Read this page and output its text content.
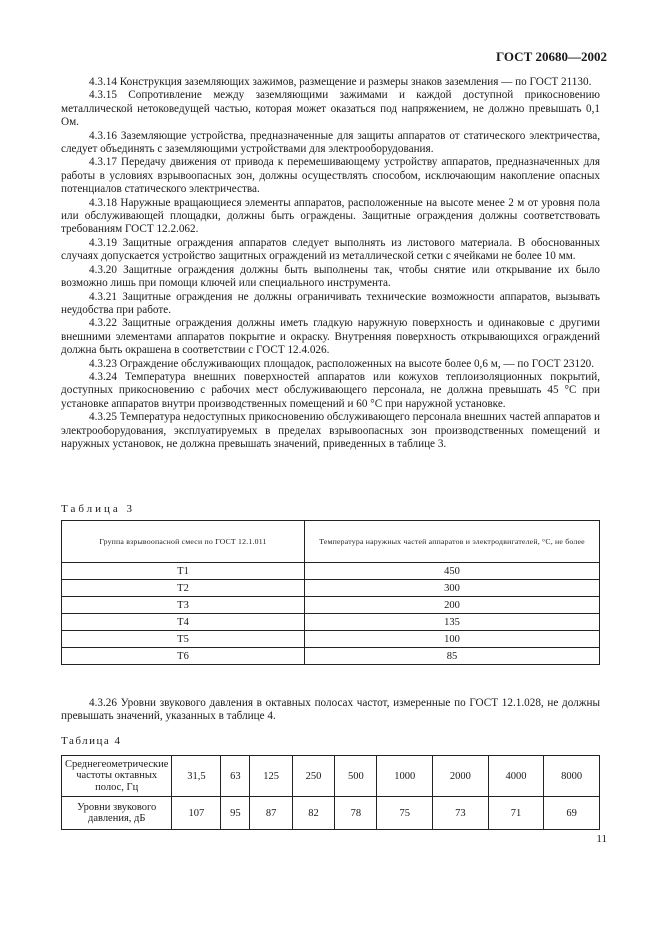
ГОСТ 20680—2002

4.3.14 Конструкция заземляющих зажимов, размещение и размеры знаков заземления — по ГОСТ 21130.

4.3.15 Сопротивление между заземляющими зажимами и каждой доступной прикосновению металлической нетоковедущей частью, которая может оказаться под напряжением, не должно превышать 0,1 Ом.

4.3.16 Заземляющие устройства, предназначенные для защиты аппаратов от статического электричества, следует объединять с заземляющими устройствами для электрооборудования.

4.3.17 Передачу движения от привода к перемешивающему устройству аппаратов, предназначенных для работы в условиях взрывоопасных зон, должны осуществлять способом, исключающим накопление опасных потенциалов статического электричества.

4.3.18 Наружные вращающиеся элементы аппаратов, расположенные на высоте менее 2 м от уровня пола или обслуживающей площадки, должны быть ограждены. Защитные ограждения должны соответствовать требованиям ГОСТ 12.2.062.

4.3.19 Защитные ограждения аппаратов следует выполнять из листового материала. В обоснованных случаях допускается устройство защитных ограждений из металлической сетки с ячейками не более 10 мм.

4.3.20 Защитные ограждения должны быть выполнены так, чтобы снятие или открывание их было возможно лишь при помощи ключей или специального инструмента.

4.3.21 Защитные ограждения не должны ограничивать технические возможности аппаратов, вызывать неудобства при работе.

4.3.22 Защитные ограждения должны иметь гладкую наружную поверхность и одинаковые с другими внешними элементами аппаратов покрытие и окраску. Внутренняя поверхность открывающихся ограждений должна быть окрашена в соответствии с ГОСТ 12.4.026.

4.3.23 Ограждение обслуживающих площадок, расположенных на высоте более 0,6 м, — по ГОСТ 23120.

4.3.24 Температура внешних поверхностей аппаратов или кожухов теплоизоляционных покрытий, доступных прикосновению с рабочих мест обслуживающего персонала, не должна превышать 45 °С при установке аппаратов внутри производственных помещений и 60 °С при наружной установке.

4.3.25 Температура недоступных прикосновению обслуживающего персонала внешних частей аппаратов и электрооборудования, эксплуатируемых в пределах взрывоопасных зон производственных помещений и наружных установок, не должна превышать значений, приведенных в таблице 3.

Таблица 3
Группа взрывоопасной смеси по ГОСТ 12.1.011	Температура наружных частей аппаратов и электродвигателей, °С, не более
Т1	450
Т2	300
Т3	200
Т4	135
Т5	100
Т6	85

4.3.26 Уровни звукового давления в октавных полосах частот, измеренные по ГОСТ 12.1.028, не должны превышать значений, указанных в таблице 4.

Таблица 4
Среднегеометрические частоты октавных полос, Гц	31,5	63	125	250	500	1000	2000	4000	8000
Уровни звукового давления, дБ	107	95	87	82	78	75	73	71	69
11
